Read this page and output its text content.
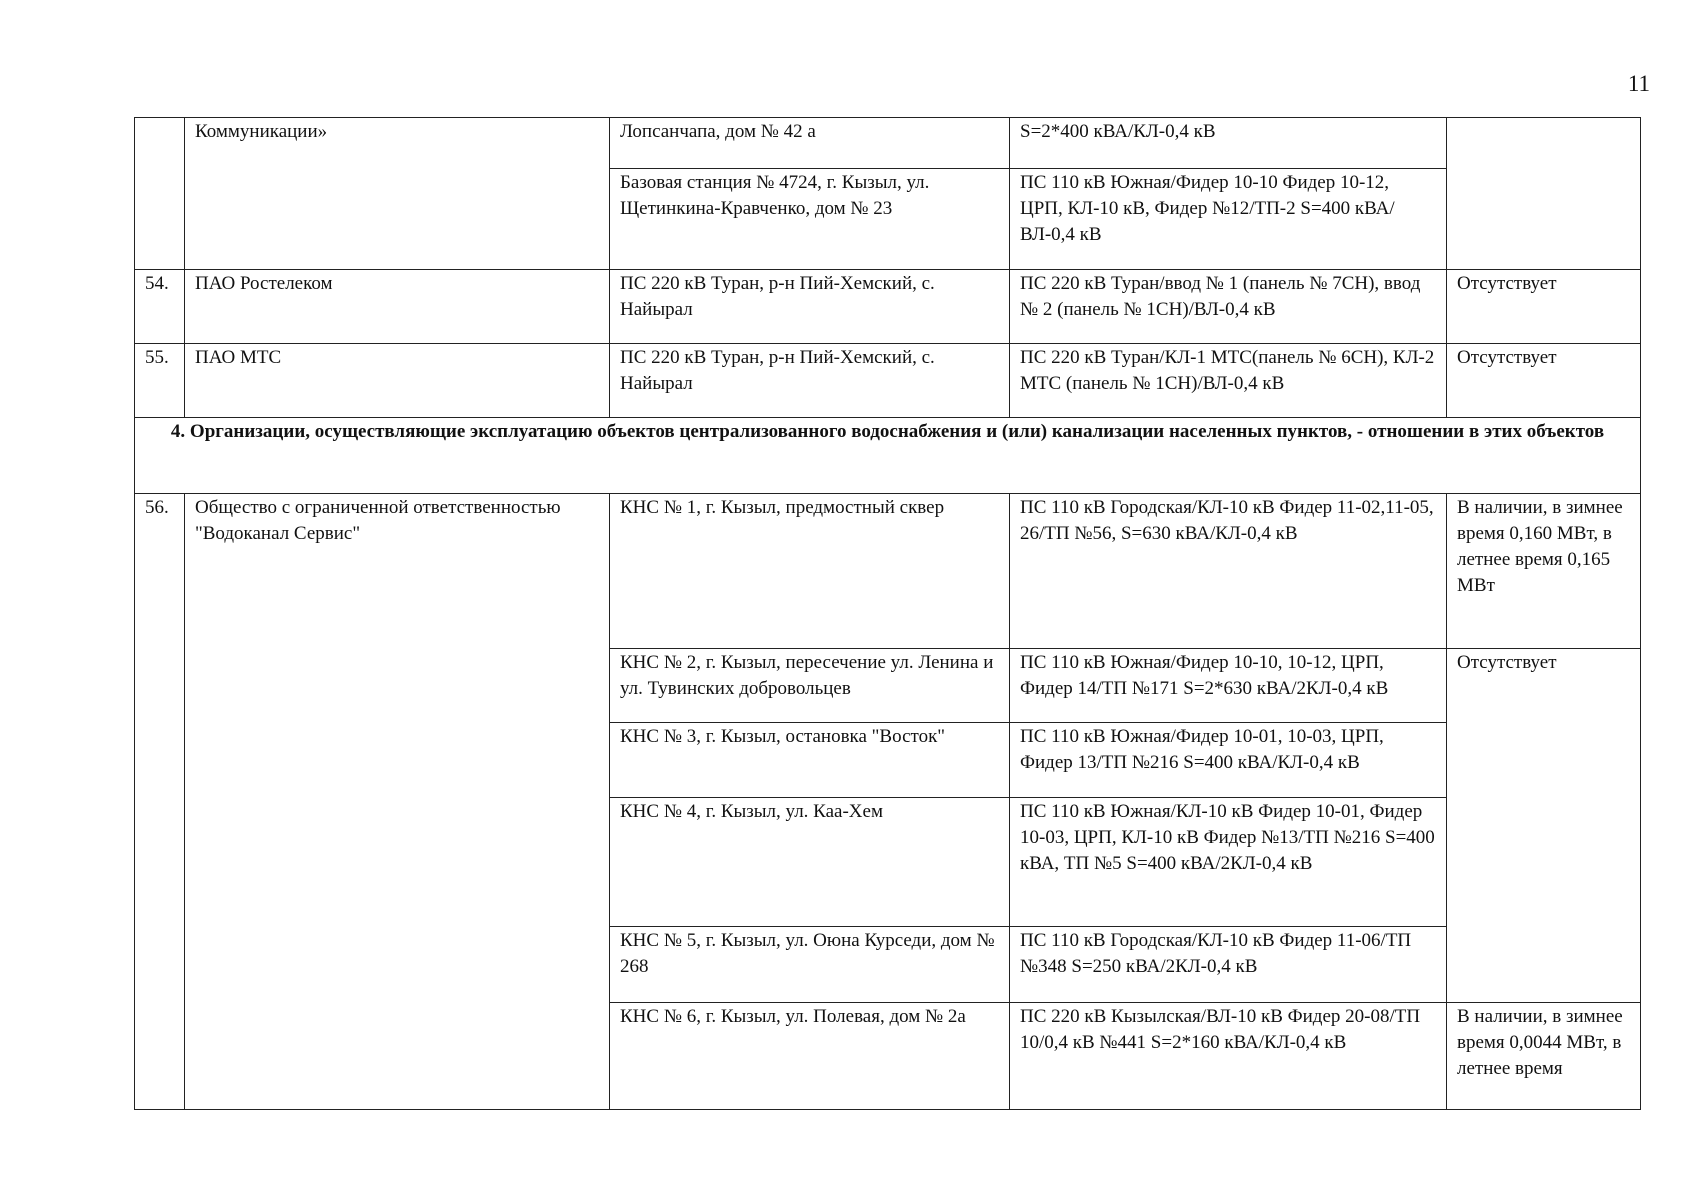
11
	Коммуникации»	Лопсанчапа, дом № 42 а	S=2*400 кВА/КЛ-0,4 кВ	
		Базовая станция № 4724, г. Кызыл, ул. Щетинкина-Кравченко, дом № 23	ПС 110 кВ Южная/Фидер 10-10 Фидер 10-12, ЦРП, КЛ-10 кВ, Фидер №12/ТП-2 S=400 кВА/ВЛ-0,4 кВ	
54.	ПАО Ростелеком	ПС 220 кВ Туран, р-н Пий-Хемский, с. Найырал	ПС 220 кВ Туран/ввод № 1 (панель № 7СН), ввод № 2 (панель № 1СН)/ВЛ-0,4 кВ	Отсутствует
55.	ПАО МТС	ПС 220 кВ Туран, р-н Пий-Хемский, с. Найырал	ПС 220 кВ Туран/КЛ-1 МТС(панель № 6СН), КЛ-2 МТС (панель № 1СН)/ВЛ-0,4 кВ	Отсутствует
4. Организации, осуществляющие эксплуатацию объектов централизованного водоснабжения и (или) канализации населенных пунктов, - отношении в этих объектов				
56.	Общество с ограниченной ответственностью "Водоканал Сервис"	КНС № 1, г. Кызыл, предмостный сквер	ПС 110 кВ Городская/КЛ-10 кВ Фидер 11-02,11-05, 26/ТП №56, S=630 кВА/КЛ-0,4 кВ	В наличии, в зимнее время 0,160 МВт, в летнее время 0,165 МВт
		КНС № 2, г. Кызыл, пересечение ул. Ленина и ул. Тувинских добровольцев	ПС 110 кВ Южная/Фидер 10-10, 10-12, ЦРП, Фидер 14/ТП №171 S=2*630 кВА/2КЛ-0,4 кВ	Отсутствует
		КНС № 3, г. Кызыл, остановка "Восток"	ПС 110 кВ Южная/Фидер 10-01, 10-03, ЦРП, Фидер 13/ТП №216 S=400 кВА/КЛ-0,4 кВ	
		КНС № 4, г. Кызыл, ул. Каа-Хем	ПС 110 кВ Южная/КЛ-10 кВ Фидер 10-01, Фидер 10-03, ЦРП, КЛ-10 кВ Фидер №13/ТП №216 S=400 кВА, ТП №5 S=400 кВА/2КЛ-0,4 кВ	
		КНС № 5, г. Кызыл, ул. Оюна Курседи, дом № 268	ПС 110 кВ Городская/КЛ-10 кВ Фидер 11-06/ТП №348 S=250 кВА/2КЛ-0,4 кВ	
		КНС № 6, г. Кызыл, ул. Полевая, дом № 2а	ПС 220 кВ Кызылская/ВЛ-10 кВ Фидер 20-08/ТП 10/0,4 кВ №441 S=2*160 кВА/КЛ-0,4 кВ	В наличии, в зимнее время 0,0044 МВт, в летнее время
